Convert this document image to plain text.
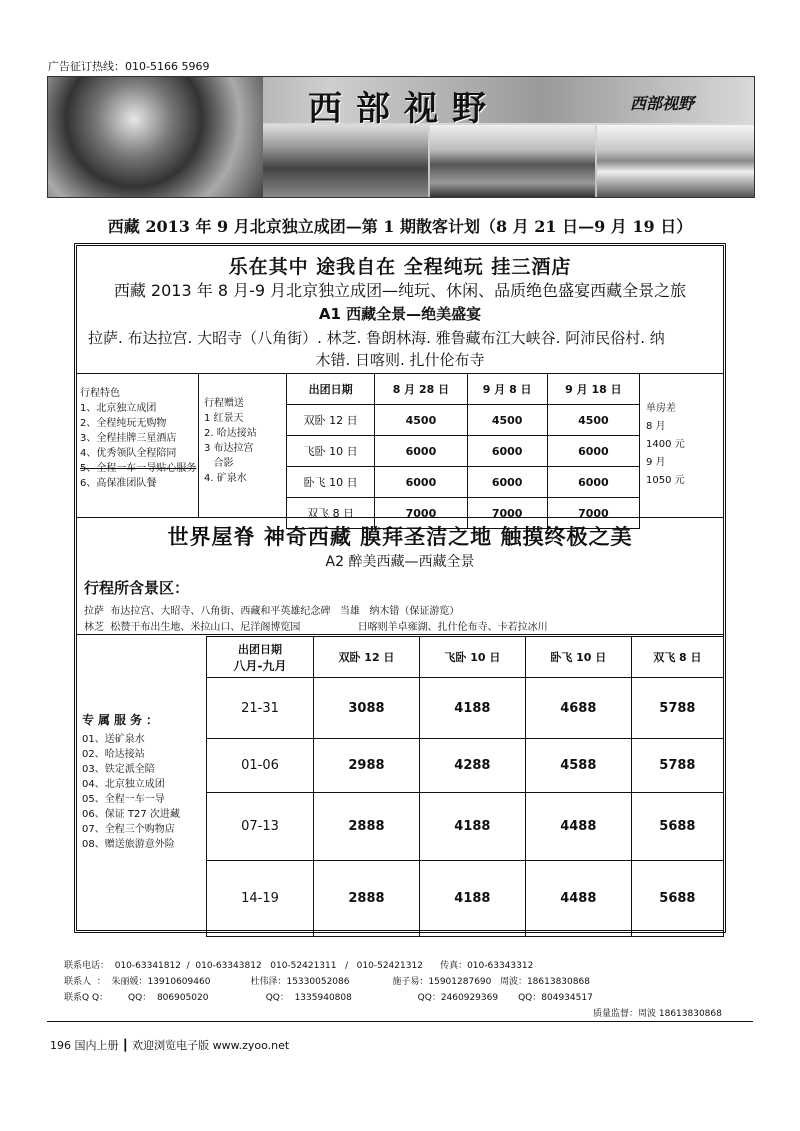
广告征订热线：010-5166 5969
西部视野	西部视野
西藏 2013 年 9 月北京独立成团—第 1 期散客计划（8 月 21 日—9 月 19 日）
乐在其中 途我自在 全程纯玩 挂三酒店
西藏 2013 年 8 月-9 月北京独立成团—纯玩、休闲、品质绝色盛宴西藏全景之旅
A1 西藏全景—绝美盛宴
拉萨. 布达拉宫. 大昭寺（八角街）. 林芝. 鲁朗林海. 雅鲁藏布江大峡谷. 阿沛民俗村. 纳
木错. 日喀则. 扎什伦布寺
行程特色
1、北京独立成团
2、全程纯玩无购物
3、全程挂牌三星酒店
4、优秀领队全程陪同
5、全程一车一导贴心服务
6、高保准团队餐
行程赠送
1 红景天
2. 哈达接站
3 布达拉宫
合影
4. 矿泉水
出团日期	8 月 28 日	9 月 8 日	9 月 18 日
双卧 12 日	4500	4500	4500
飞卧 10 日	6000	6000	6000
卧飞 10 日	6000	6000	6000
双飞 8 日	7000	7000	7000
单房差
8 月
1400 元
9 月
1050 元
世界屋脊 神奇西藏 膜拜圣洁之地 触摸终极之美
A2 醉美西藏—西藏全景
行程所含景区：
拉萨  布达拉宫、大昭寺、八角街、西藏和平英雄纪念碑   当雄   纳木错（保证游览）
林芝  松赞干布出生地、米拉山口、尼洋阁博览园                  日喀则羊卓雍湖、扎什伦布寺、卡若拉冰川
专属服务：
01、送矿泉水
02、哈达接站
03、铁定派全陪
04、北京独立成团
05、全程一车一导
06、保证 T27 次进藏
07、全程三个购物店
08、赠送旅游意外险
出团日期
八月-九月	双卧 12 日	飞卧 10 日	卧飞 10 日	双飞 8 日
21-31	3088	4188	4688	5788
01-06	2988	4288	4588	5788
07-13	2888	4188	4488	5688
14-19	2888	4188	4488	5688
联系电话：  010-63341812  /  010-63343812   010-52421311   /   010-52421312      传真：010-63343312
联系人  ：  朱丽媛：13910609460              杜伟泽：15330052086               施子易：15901287690   周波：18613830868
联系Q Q：       QQ：  806905020                    QQ：  1335940808                       QQ：2460929369       QQ：804934517
质量监督：周波 18613830868
196 国内上册 ┃ 欢迎浏览电子版 www.zyoo.net
